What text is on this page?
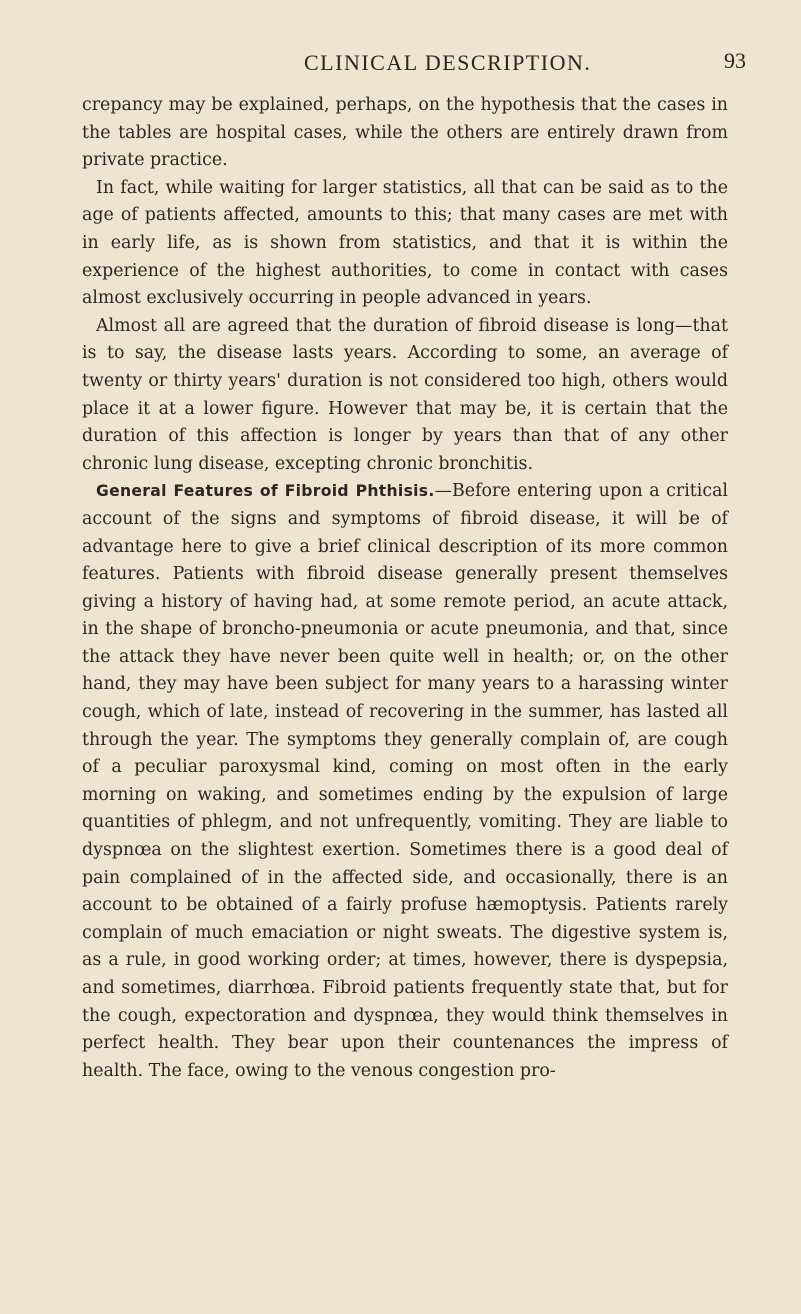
CLINICAL DESCRIPTION.	93

crepancy may be explained, perhaps, on the hypothesis that the cases in the tables are hospital cases, while the others are entirely drawn from private practice.

In fact, while waiting for larger statistics, all that can be said as to the age of patients affected, amounts to this; that many cases are met with in early life, as is shown from statistics, and that it is within the experience of the highest authorities, to come in contact with cases almost exclusively occurring in people advanced in years.

Almost all are agreed that the duration of fibroid disease is long—that is to say, the disease lasts years. According to some, an average of twenty or thirty years' duration is not considered too high, others would place it at a lower figure. However that may be, it is certain that the duration of this affection is longer by years than that of any other chronic lung disease, excepting chronic bronchitis.

General Features of Fibroid Phthisis.—Before entering upon a critical account of the signs and symptoms of fibroid disease, it will be of advantage here to give a brief clinical description of its more common features. Patients with fibroid disease generally present themselves giving a history of having had, at some remote period, an acute attack, in the shape of broncho-pneumonia or acute pneumonia, and that, since the attack they have never been quite well in health; or, on the other hand, they may have been subject for many years to a harassing winter cough, which of late, instead of recovering in the summer, has lasted all through the year. The symptoms they generally complain of, are cough of a peculiar paroxysmal kind, coming on most often in the early morning on waking, and sometimes ending by the expulsion of large quantities of phlegm, and not unfrequently, vomiting. They are liable to dyspnœa on the slightest exertion. Sometimes there is a good deal of pain complained of in the affected side, and occasionally, there is an account to be obtained of a fairly profuse hæmoptysis. Patients rarely complain of much emaciation or night sweats. The digestive system is, as a rule, in good working order; at times, however, there is dyspepsia, and sometimes, diarrhœa. Fibroid patients frequently state that, but for the cough, expectoration and dyspnœa, they would think themselves in perfect health. They bear upon their countenances the impress of health. The face, owing to the venous congestion pro-
